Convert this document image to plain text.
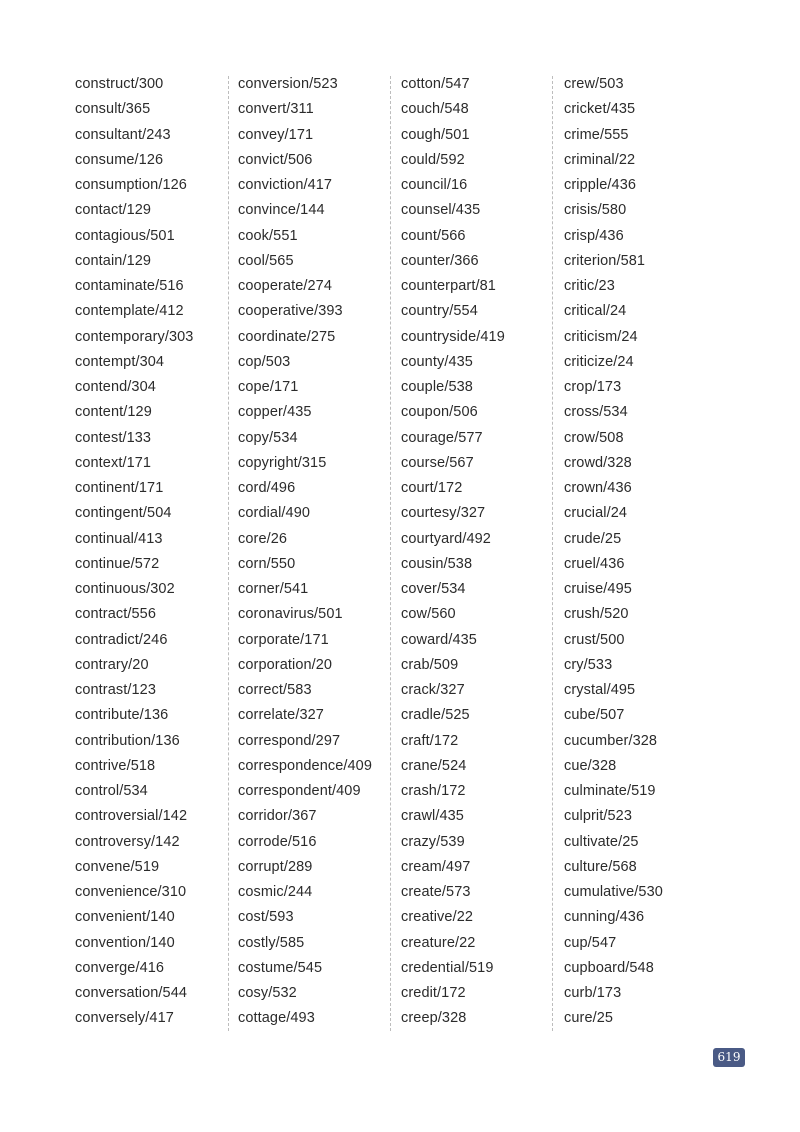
construct/300
consult/365
consultant/243
consume/126
consumption/126
contact/129
contagious/501
contain/129
contaminate/516
contemplate/412
contemporary/303
contempt/304
contend/304
content/129
contest/133
context/171
continent/171
contingent/504
continual/413
continue/572
continuous/302
contract/556
contradict/246
contrary/20
contrast/123
contribute/136
contribution/136
contrive/518
control/534
controversial/142
controversy/142
convene/519
convenience/310
convenient/140
convention/140
converge/416
conversation/544
conversely/417
conversion/523
convert/311
convey/171
convict/506
conviction/417
convince/144
cook/551
cool/565
cooperate/274
cooperative/393
coordinate/275
cop/503
cope/171
copper/435
copy/534
copyright/315
cord/496
cordial/490
core/26
corn/550
corner/541
coronavirus/501
corporate/171
corporation/20
correct/583
correlate/327
correspond/297
correspondence/409
correspondent/409
corridor/367
corrode/516
corrupt/289
cosmic/244
cost/593
costly/585
costume/545
cosy/532
cottage/493
cotton/547
couch/548
cough/501
could/592
council/16
counsel/435
count/566
counter/366
counterpart/81
country/554
countryside/419
county/435
couple/538
coupon/506
courage/577
course/567
court/172
courtesy/327
courtyard/492
cousin/538
cover/534
cow/560
coward/435
crab/509
crack/327
cradle/525
craft/172
crane/524
crash/172
crawl/435
crazy/539
cream/497
create/573
creative/22
creature/22
credential/519
credit/172
creep/328
crew/503
cricket/435
crime/555
criminal/22
cripple/436
crisis/580
crisp/436
criterion/581
critic/23
critical/24
criticism/24
criticize/24
crop/173
cross/534
crow/508
crowd/328
crown/436
crucial/24
crude/25
cruel/436
cruise/495
crush/520
crust/500
cry/533
crystal/495
cube/507
cucumber/328
cue/328
culminate/519
culprit/523
cultivate/25
culture/568
cumulative/530
cunning/436
cup/547
cupboard/548
curb/173
cure/25
619
